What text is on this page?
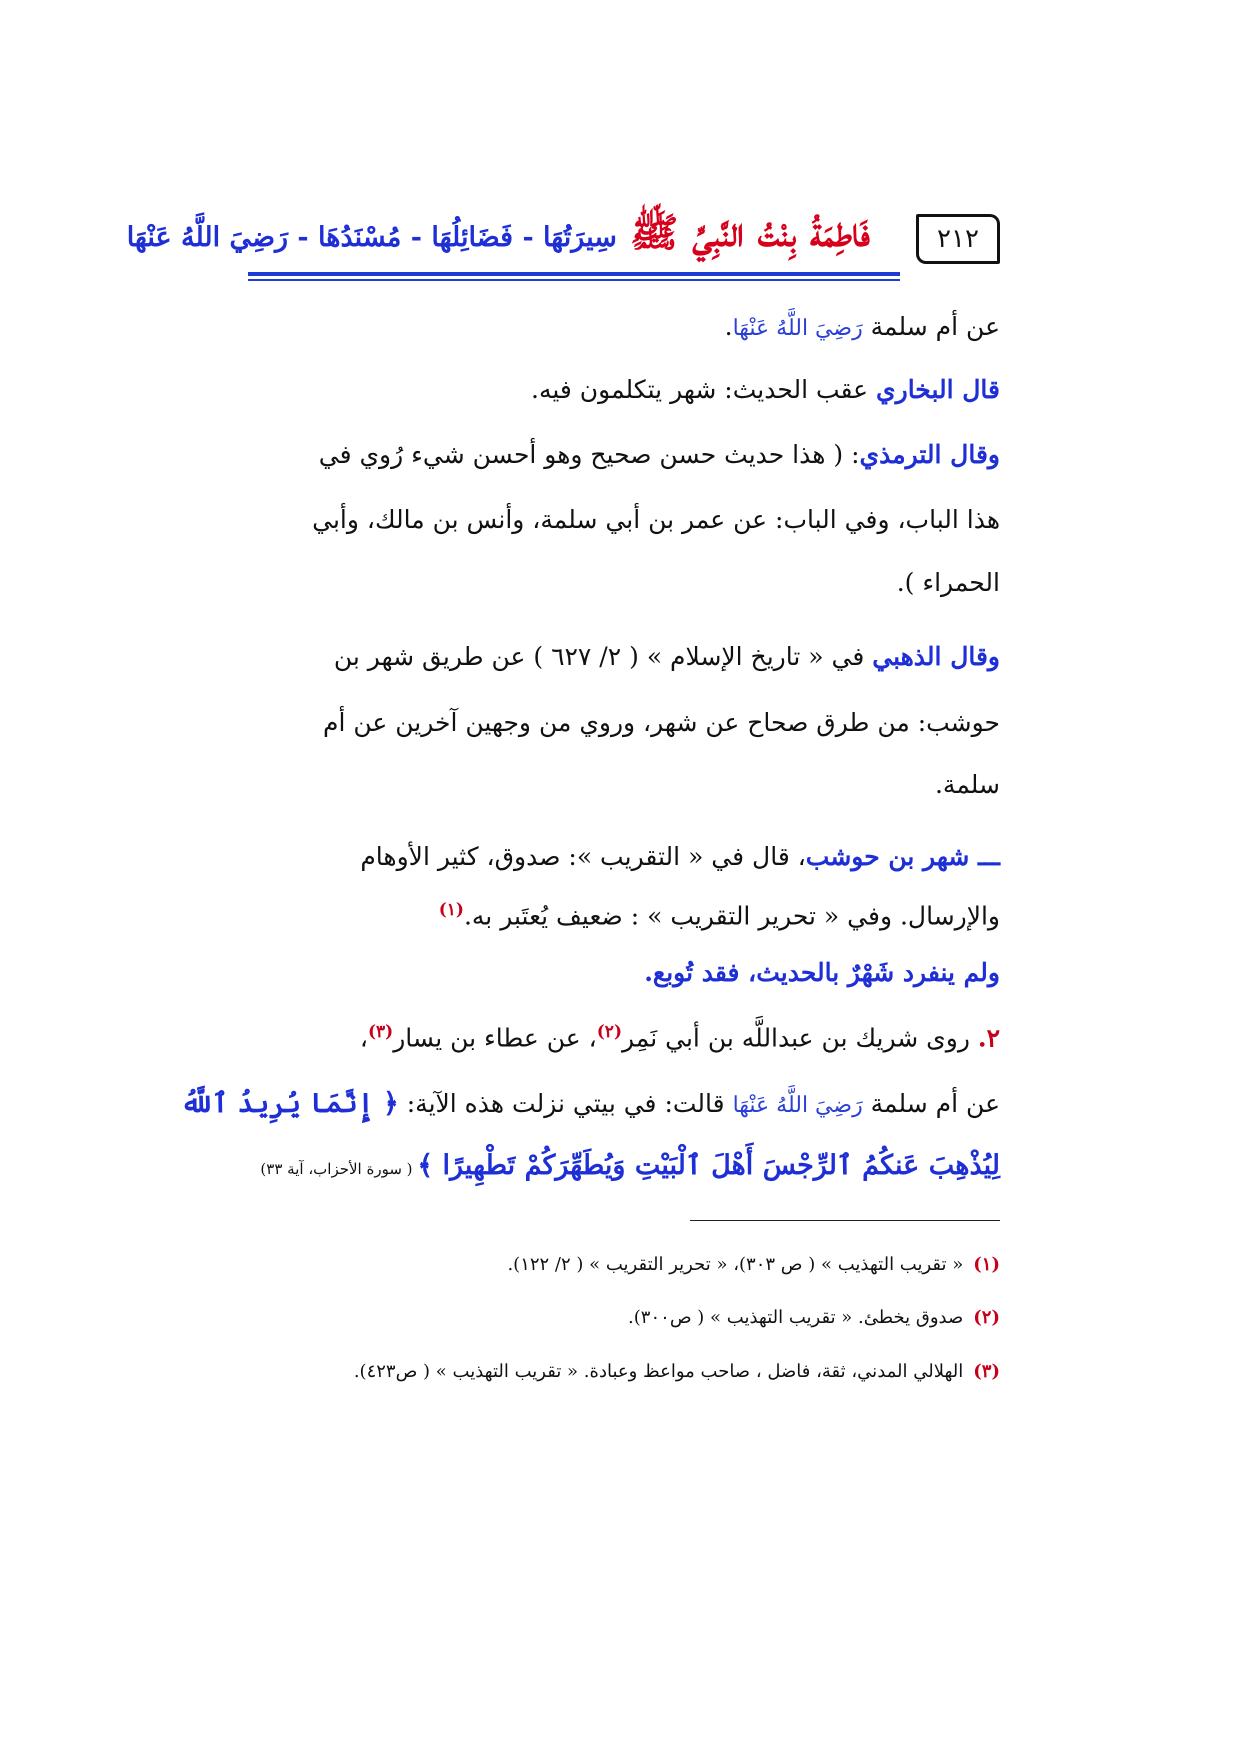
فَاطِمَةُ بِنْتُ النَّبِيِّ ﷺ سِيرَتُهَا - فَضَائِلُهَا - مُسْنَدُهَا - رَضِيَ اللَّهُ عَنْهَا	٢١٢
عن أم سلمة رَضِيَ اللَّهُ عَنْهَا.
قال البخاري عقب الحديث: شهر يتكلمون فيه.
وقال الترمذي: ( هذا حديث حسن صحيح وهو أحسن شيء رُوي في
هذا الباب، وفي الباب: عن عمر بن أبي سلمة، وأنس بن مالك، وأبي
الحمراء ).
وقال الذهبي في « تاريخ الإسلام » ( ٢/ ٦٢٧ ) عن طريق شهر بن
حوشب: من طرق صحاح عن شهر، وروي من وجهين آخرين عن أم
سلمة.
ـــ شهر بن حوشب، قال في « التقريب »: صدوق، كثير الأوهام
والإرسال. وفي « تحرير التقريب » : ضعيف يُعتَبر به.$^{(١)}$
ولم ينفرد شَهْرٌ بالحديث، فقد تُوبع.
٢. روى شريك بن عبداللَّه بن أبي نَمِر$^{(٢)}$، عن عطاء بن يسار$^{(٣)}$،
عن أم سلمة رَضِيَ اللَّهُ عَنْهَا قالت: في بيتي نزلت هذه الآية: ﴿ إِنَّمَا يُرِيدُ ٱللَّهُ
لِيُذْهِبَ عَنكُمُ ٱلرِّجْسَ أَهْلَ ٱلْبَيْتِ وَيُطَهِّرَكُمْ تَطْهِيرًا ﴾ ( سورة الأحزاب، آية ٣٣)
(١)« تقريب التهذيب » ( ص ٣٠٣)، « تحرير التقريب » ( ٢/ ١٢٢).
(٢)صدوق يخطئ. « تقريب التهذيب » ( ص٣٠٠).
(٣)الهلالي المدني، ثقة، فاضل ، صاحب مواعظ وعبادة. « تقريب التهذيب » ( ص٤٢٣).
